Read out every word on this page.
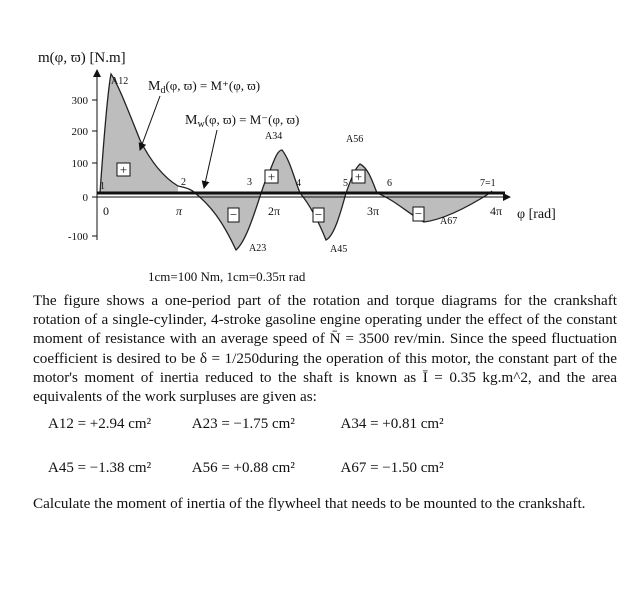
300
200
100
0
-100
m(φ, ϖ) [N.m]
0	π	2π	3π	4π φ [rad]
1	2	3	4	5	6	7=1
+
−
+
−
+
−
A12
A23
A34
A45
A56
A67
$M_d(\varphi$, ϖ) = M⁺(φ, ϖ)
$M_w(\varphi$, ϖ) = M⁻(φ, ϖ)
1cm=100 Nm, 1cm=0.35π rad

The figure shows a one-period part of the rotation and torque diagrams for the crankshaft rotation of a single-cylinder, 4-stroke gasoline engine operating under the effect of the constant moment of resistance with an average speed of N̄ = 3500 rev/min. Since the speed fluctuation coefficient is desired to be δ = 1/250during the operation of this motor, the constant part of the motor's moment of inertia reduced to the shaft is known as Ī = 0.35 kg.m^2, and the area equivalents of the work surpluses are given as:

A12 = +2.94 cm²	A23 = −1.75 cm²	A34 = +0.81 cm²
A45 = −1.38 cm²	A56 = +0.88 cm²	A67 = −1.50 cm²

Calculate the moment of inertia of the flywheel that needs to be mounted to the crankshaft.
